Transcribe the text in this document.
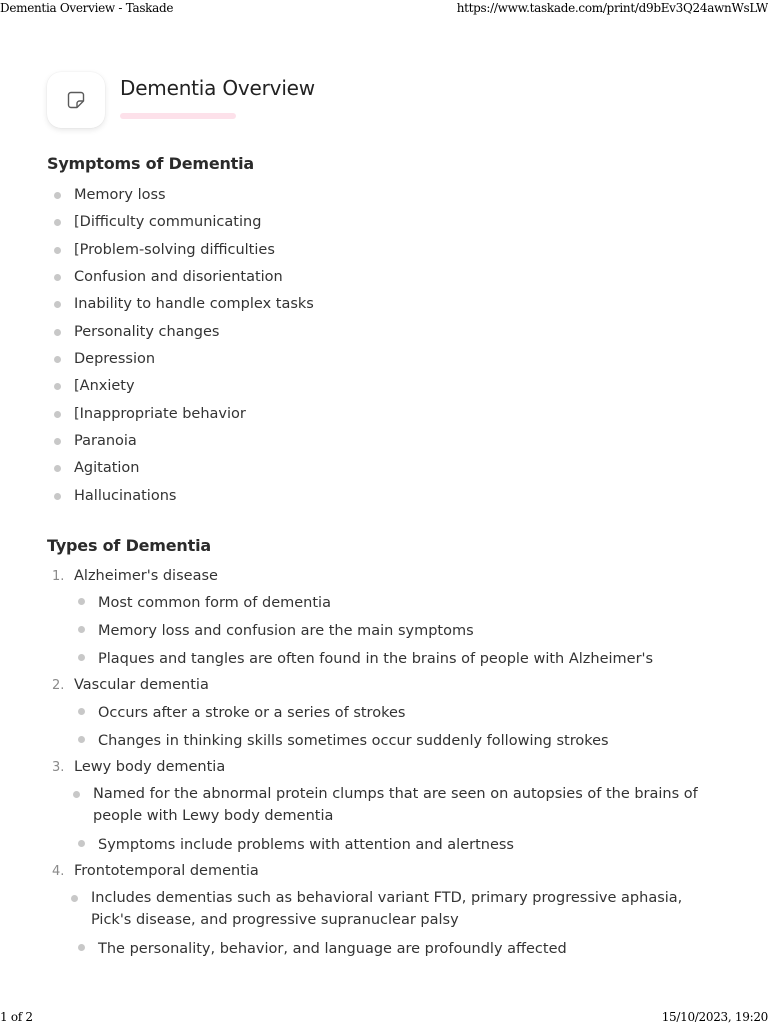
Dementia Overview - Taskade	https://www.taskade.com/print/d9bEv3Q24awnWsLW
1 of 2	15/10/2023, 19:20
Dementia Overview
Symptoms of Dementia
Memory loss
[Difficulty communicating
[Problem-solving difficulties
Confusion and disorientation
Inability to handle complex tasks
Personality changes
Depression
[Anxiety
[Inappropriate behavior
Paranoia
Agitation
Hallucinations
Types of Dementia
1. Alzheimer's disease
Most common form of dementia
Memory loss and confusion are the main symptoms
Plaques and tangles are often found in the brains of people with Alzheimer's
2. Vascular dementia
Occurs after a stroke or a series of strokes
Changes in thinking skills sometimes occur suddenly following strokes
3. Lewy body dementia
Named for the abnormal protein clumps that are seen on autopsies of the brains of people with Lewy body dementia
Symptoms include problems with attention and alertness
4. Frontotemporal dementia
Includes dementias such as behavioral variant FTD, primary progressive aphasia, Pick's disease, and progressive supranuclear palsy
The personality, behavior, and language are profoundly affected
